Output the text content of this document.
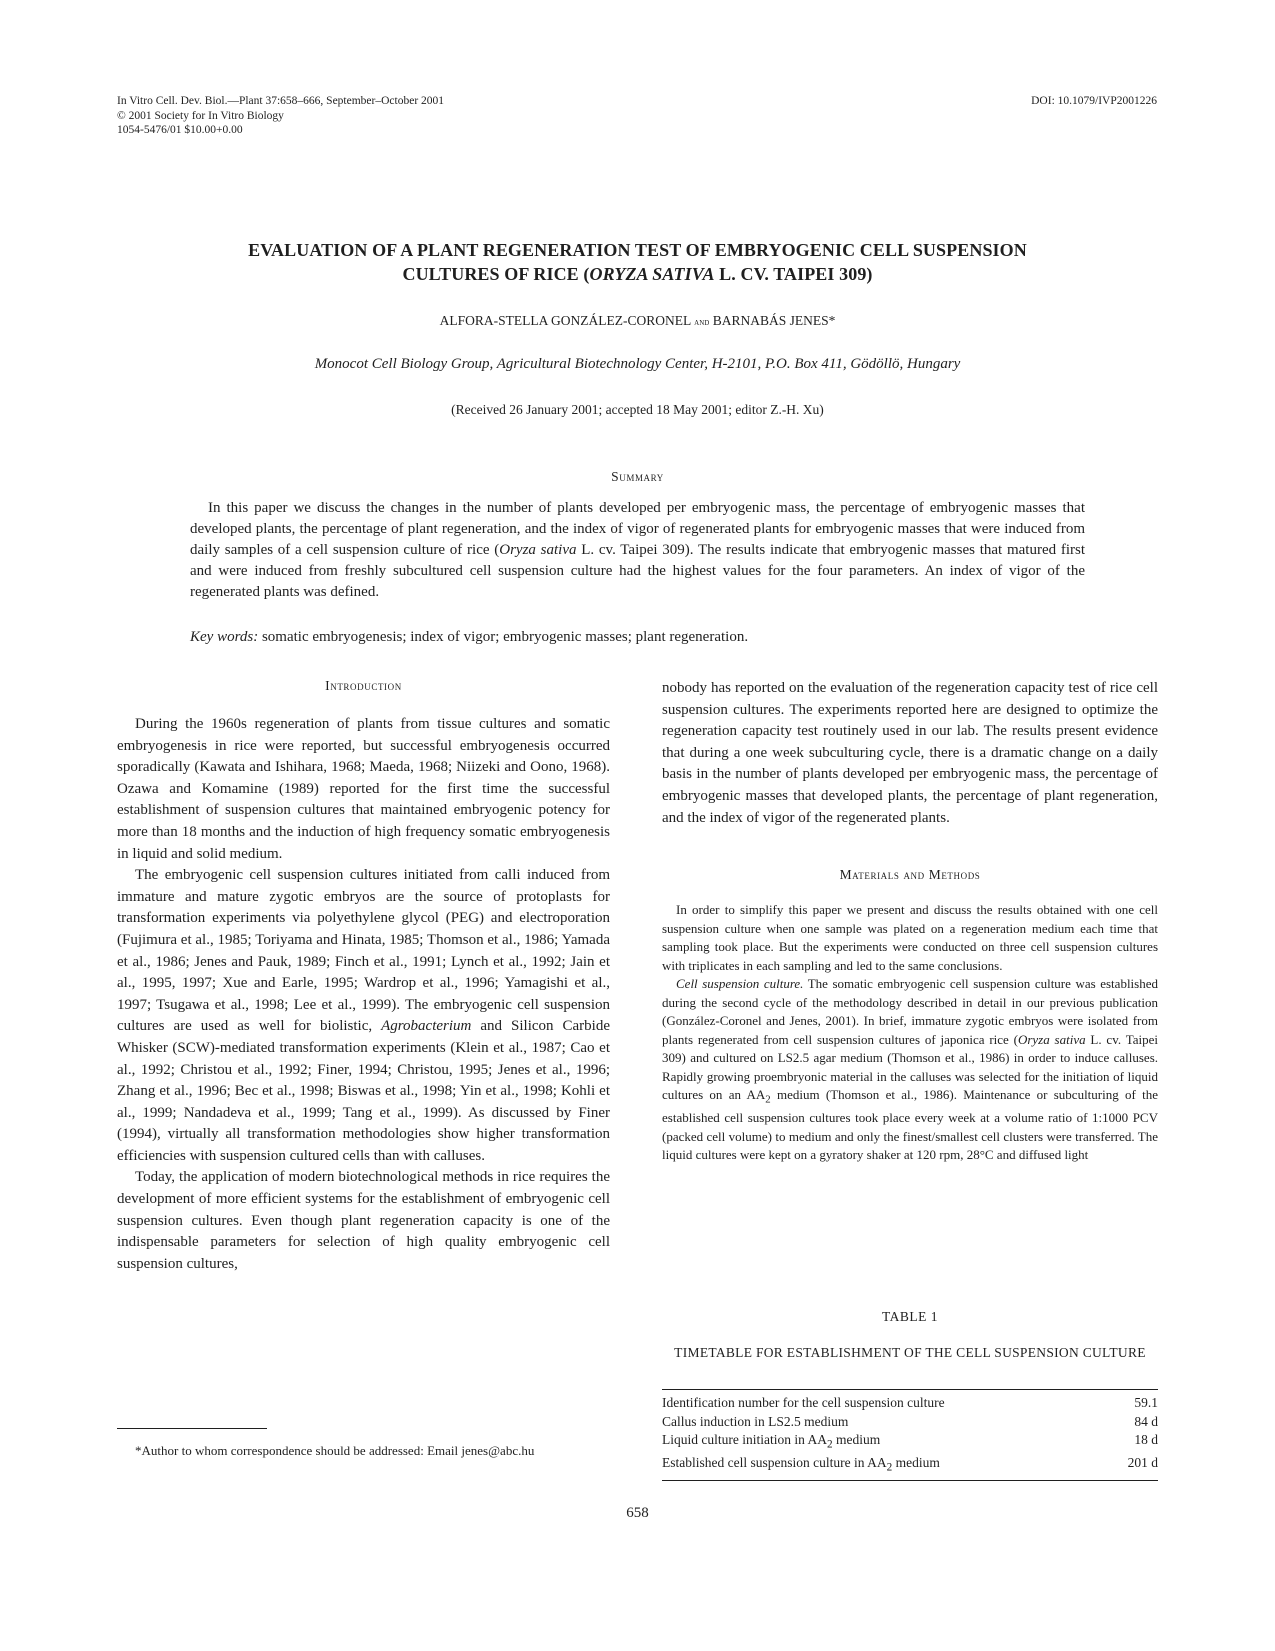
In Vitro Cell. Dev. Biol.—Plant 37:658–666, September–October 2001
© 2001 Society for In Vitro Biology
1054-5476/01 $10.00+0.00
DOI: 10.1079/IVP2001226
EVALUATION OF A PLANT REGENERATION TEST OF EMBRYOGENIC CELL SUSPENSION
CULTURES OF RICE (ORYZA SATIVA L. CV. TAIPEI 309)
ALFORA-STELLA GONZÁLEZ-CORONEL and BARNABÁS JENES*
Monocot Cell Biology Group, Agricultural Biotechnology Center, H-2101, P.O. Box 411, Gödöllö, Hungary
(Received 26 January 2001; accepted 18 May 2001; editor Z.-H. Xu)
Summary

In this paper we discuss the changes in the number of plants developed per embryogenic mass, the percentage of embryogenic masses that developed plants, the percentage of plant regeneration, and the index of vigor of regenerated plants for embryogenic masses that were induced from daily samples of a cell suspension culture of rice (Oryza sativa L. cv. Taipei 309). The results indicate that embryogenic masses that matured first and were induced from freshly subcultured cell suspension culture had the highest values for the four parameters. An index of vigor of the regenerated plants was defined.

Key words: somatic embryogenesis; index of vigor; embryogenic masses; plant regeneration.

Introduction

During the 1960s regeneration of plants from tissue cultures and somatic embryogenesis in rice were reported, but successful embryogenesis occurred sporadically (Kawata and Ishihara, 1968; Maeda, 1968; Niizeki and Oono, 1968). Ozawa and Komamine (1989) reported for the first time the successful establishment of suspension cultures that maintained embryogenic potency for more than 18 months and the induction of high frequency somatic embryogenesis in liquid and solid medium.

The embryogenic cell suspension cultures initiated from calli induced from immature and mature zygotic embryos are the source of protoplasts for transformation experiments via polyethylene glycol (PEG) and electroporation (Fujimura et al., 1985; Toriyama and Hinata, 1985; Thomson et al., 1986; Yamada et al., 1986; Jenes and Pauk, 1989; Finch et al., 1991; Lynch et al., 1992; Jain et al., 1995, 1997; Xue and Earle, 1995; Wardrop et al., 1996; Yamagishi et al., 1997; Tsugawa et al., 1998; Lee et al., 1999). The embryogenic cell suspension cultures are used as well for biolistic, Agrobacterium and Silicon Carbide Whisker (SCW)-mediated transformation experiments (Klein et al., 1987; Cao et al., 1992; Christou et al., 1992; Finer, 1994; Christou, 1995; Jenes et al., 1996; Zhang et al., 1996; Bec et al., 1998; Biswas et al., 1998; Yin et al., 1998; Kohli et al., 1999; Nandadeva et al., 1999; Tang et al., 1999). As discussed by Finer (1994), virtually all transformation methodologies show higher transformation efficiencies with suspension cultured cells than with calluses.

Today, the application of modern biotechnological methods in rice requires the development of more efficient systems for the establishment of embryogenic cell suspension cultures. Even though plant regeneration capacity is one of the indispensable parameters for selection of high quality embryogenic cell suspension cultures,

nobody has reported on the evaluation of the regeneration capacity test of rice cell suspension cultures. The experiments reported here are designed to optimize the regeneration capacity test routinely used in our lab. The results present evidence that during a one week subculturing cycle, there is a dramatic change on a daily basis in the number of plants developed per embryogenic mass, the percentage of embryogenic masses that developed plants, the percentage of plant regeneration, and the index of vigor of the regenerated plants.

Materials and Methods

In order to simplify this paper we present and discuss the results obtained with one cell suspension culture when one sample was plated on a regeneration medium each time that sampling took place. But the experiments were conducted on three cell suspension cultures with triplicates in each sampling and led to the same conclusions.

Cell suspension culture. The somatic embryogenic cell suspension culture was established during the second cycle of the methodology described in detail in our previous publication (González-Coronel and Jenes, 2001). In brief, immature zygotic embryos were isolated from plants regenerated from cell suspension cultures of japonica rice (Oryza sativa L. cv. Taipei 309) and cultured on LS2.5 agar medium (Thomson et al., 1986) in order to induce calluses. Rapidly growing proembryonic material in the calluses was selected for the initiation of liquid cultures on an $AA_2$ medium (Thomson et al., 1986). Maintenance or subculturing of the established cell suspension cultures took place every week at a volume ratio of 1:1000 PCV (packed cell volume) to medium and only the finest/smallest cell clusters were transferred. The liquid cultures were kept on a gyratory shaker at 120 rpm, 28°C and diffused light

TABLE 1
TIMETABLE FOR ESTABLISHMENT OF THE CELL SUSPENSION CULTURE
Identification number for the cell suspension culture	59.1
Callus induction in LS2.5 medium	84 d
Liquid culture initiation in $AA_2$ medium	18 d
Established cell suspension culture in $AA_2$ medium	201 d

*Author to whom correspondence should be addressed: Email jenes@abc.hu

658
